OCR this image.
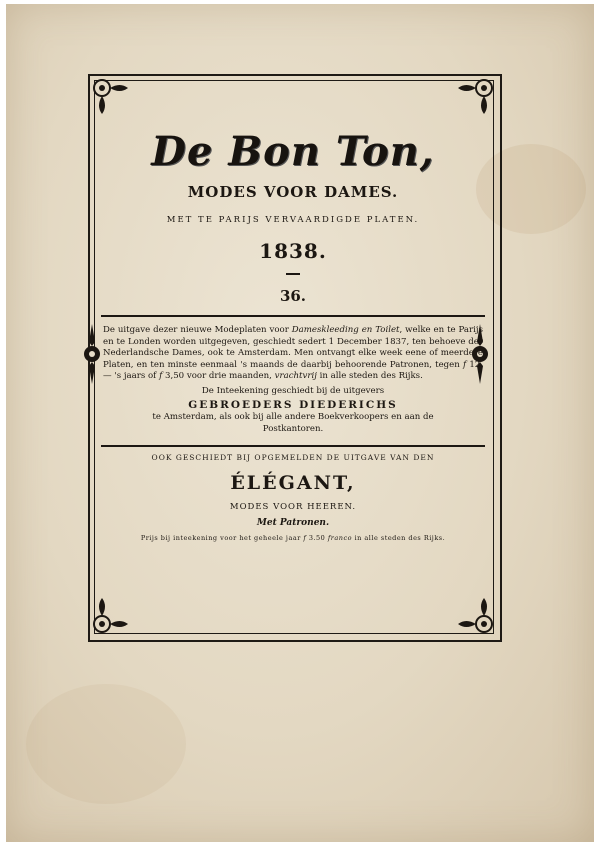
De Bon Ton,
MODES VOOR DAMES.
MET TE PARIJS VERVAARDIGDE PLATEN.
1838.
36.
De uitgave dezer nieuwe Modeplaten voor Dameskleeding en Toilet, welke en te Parijs en te Londen worden uitgegeven, geschiedt sedert 1 December 1837, ten behoeve der Nederlandsche Dames, ook te Amsterdam. Men ontvangt elke week eene of meerdere Platen, en ten minste eenmaal 's maands de daarbij behoorende Patronen, tegen f 12,— 's jaars of f 3,50 voor drie maanden, vrachtvrij in alle steden des Rijks.
De Inteekening geschiedt bij de uitgevers
GEBROEDERS DIEDERICHS
te Amsterdam, als ook bij alle andere Boekverkoopers en aan de Postkantoren.
OOK GESCHIEDT BIJ OPGEMELDEN DE UITGAVE VAN DEN
ÉLÉGANT,
MODES VOOR HEEREN.
Met Patronen.
Prijs bij inteekening voor het geheele jaar f 3.50 franco in alle steden des Rijks.
